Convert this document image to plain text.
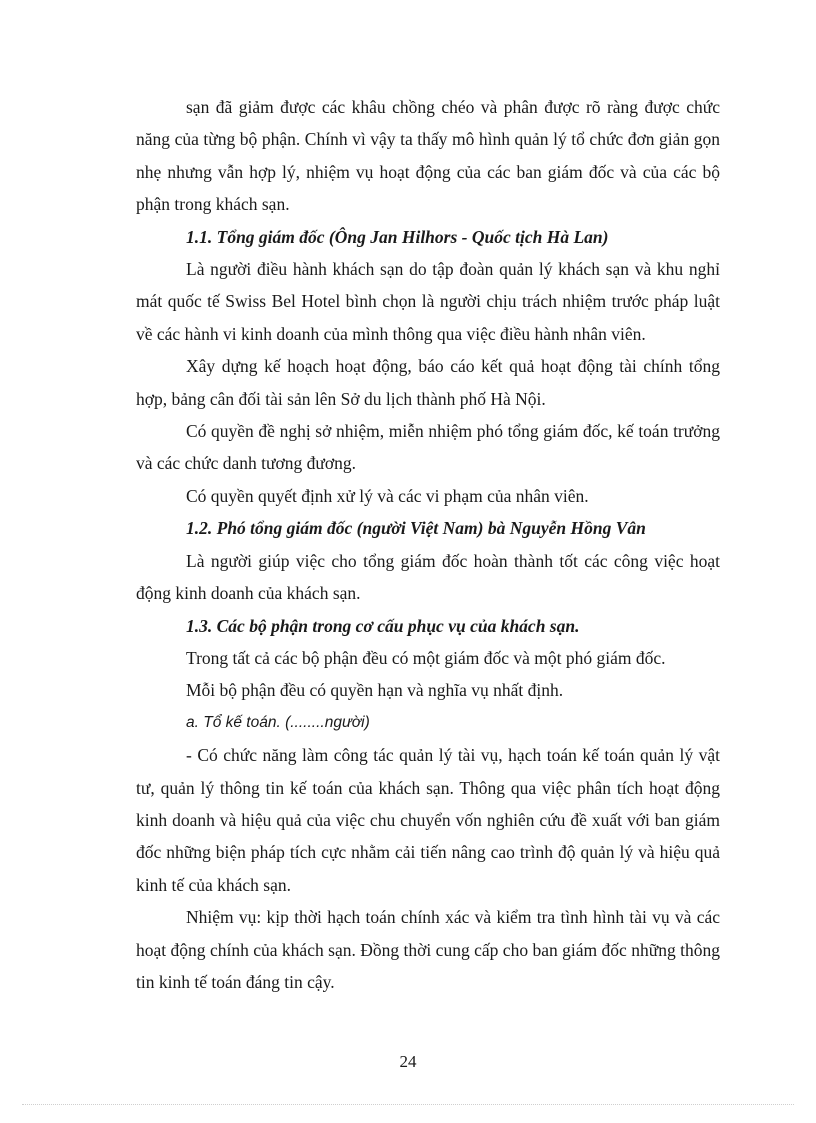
sạn đã giảm được các khâu chồng chéo và phân được rõ ràng được chức năng của từng bộ phận. Chính vì vậy ta thấy mô hình quản lý tổ chức đơn giản gọn nhẹ nhưng vẫn hợp lý, nhiệm vụ hoạt động của các ban giám đốc và của các bộ phận trong khách sạn.

1.1. Tổng giám đốc (Ông Jan Hilhors - Quốc tịch Hà Lan)

Là người điều hành khách sạn do tập đoàn quản lý khách sạn và khu nghỉ mát quốc tế Swiss Bel Hotel bình chọn là người chịu trách nhiệm trước pháp luật về các hành vi kinh doanh của mình thông qua việc điều hành nhân viên.

Xây dựng kế hoạch hoạt động, báo cáo kết quả hoạt động tài chính tổng hợp, bảng cân đối tài sản lên Sở du lịch thành phố Hà Nội.

Có quyền đề nghị sở nhiệm, miễn nhiệm phó tổng giám đốc, kế toán trưởng và các chức danh tương đương.

Có quyền quyết định xử lý và các vi phạm của nhân viên.

1.2. Phó tổng giám đốc (người Việt Nam) bà Nguyễn Hồng Vân

Là người giúp việc cho tổng giám đốc hoàn thành tốt các công việc hoạt động kinh doanh của khách sạn.

1.3. Các bộ phận trong cơ cấu phục vụ của khách sạn.

Trong tất cả các bộ phận đều có một giám đốc và một phó giám đốc.

Mỗi bộ phận đều có quyền hạn và nghĩa vụ nhất định.

a. Tổ kế toán. (........người)

- Có chức năng làm công tác quản lý tài vụ, hạch toán kế toán quản lý vật tư, quản lý thông tin kế toán của khách sạn. Thông qua việc phân tích hoạt động kinh doanh và hiệu quả của việc chu chuyển vốn nghiên cứu đề xuất với ban giám đốc những biện pháp tích cực nhằm cải tiến nâng cao trình độ quản lý và hiệu quả kinh tế của khách sạn.

Nhiệm vụ: kịp thời hạch toán chính xác và kiểm tra tình hình tài vụ và các hoạt động chính của khách sạn. Đồng thời cung cấp cho ban giám đốc những thông tin kinh tế toán đáng tin cậy.

24
